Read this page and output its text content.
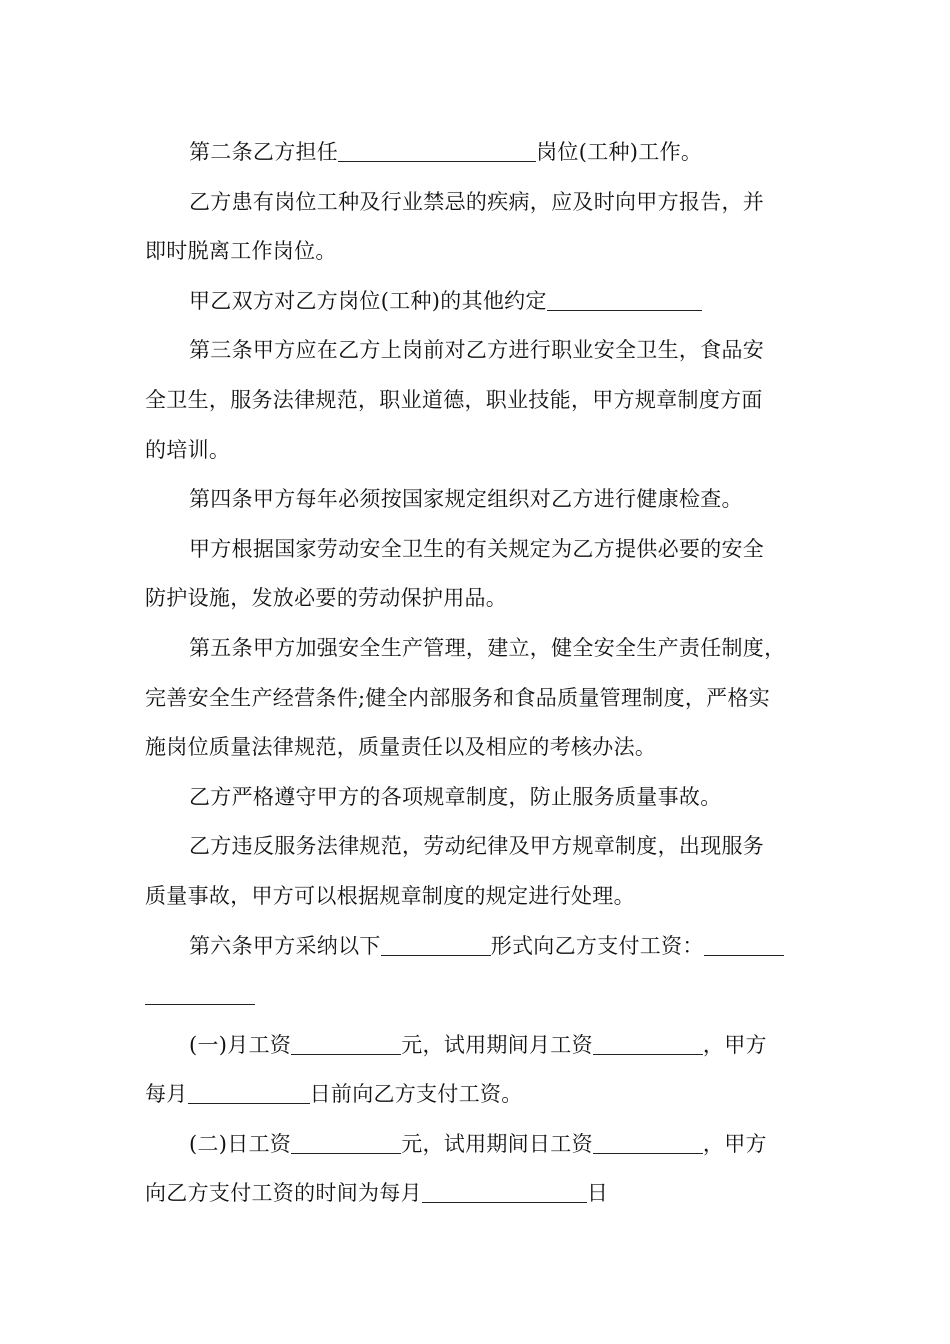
第二条乙方担任	岗位(工种)工作。
乙方患有岗位工种及行业禁忌的疾病，应及时向甲方报告，并
即时脱离工作岗位。
甲乙双方对乙方岗位(工种)的其他约定
第三条甲方应在乙方上岗前对乙方进行职业安全卫生，食品安
全卫生，服务法律规范，职业道德，职业技能，甲方规章制度方面
的培训。
第四条甲方每年必须按国家规定组织对乙方进行健康检查。
甲方根据国家劳动安全卫生的有关规定为乙方提供必要的安全
防护设施，发放必要的劳动保护用品。
第五条甲方加强安全生产管理，建立，健全安全生产责任制度，
完善安全生产经营条件;健全内部服务和食品质量管理制度，严格实
施岗位质量法律规范，质量责任以及相应的考核办法。
乙方严格遵守甲方的各项规章制度，防止服务质量事故。
乙方违反服务法律规范，劳动纪律及甲方规章制度，出现服务
质量事故，甲方可以根据规章制度的规定进行处理。
第六条甲方采纳以下	形式向乙方支付工资：
(一)月工资	元，试用期间月工资	，甲方
每月	日前向乙方支付工资。
(二)日工资	元，试用期间日工资	，甲方
向乙方支付工资的时间为每月	日
